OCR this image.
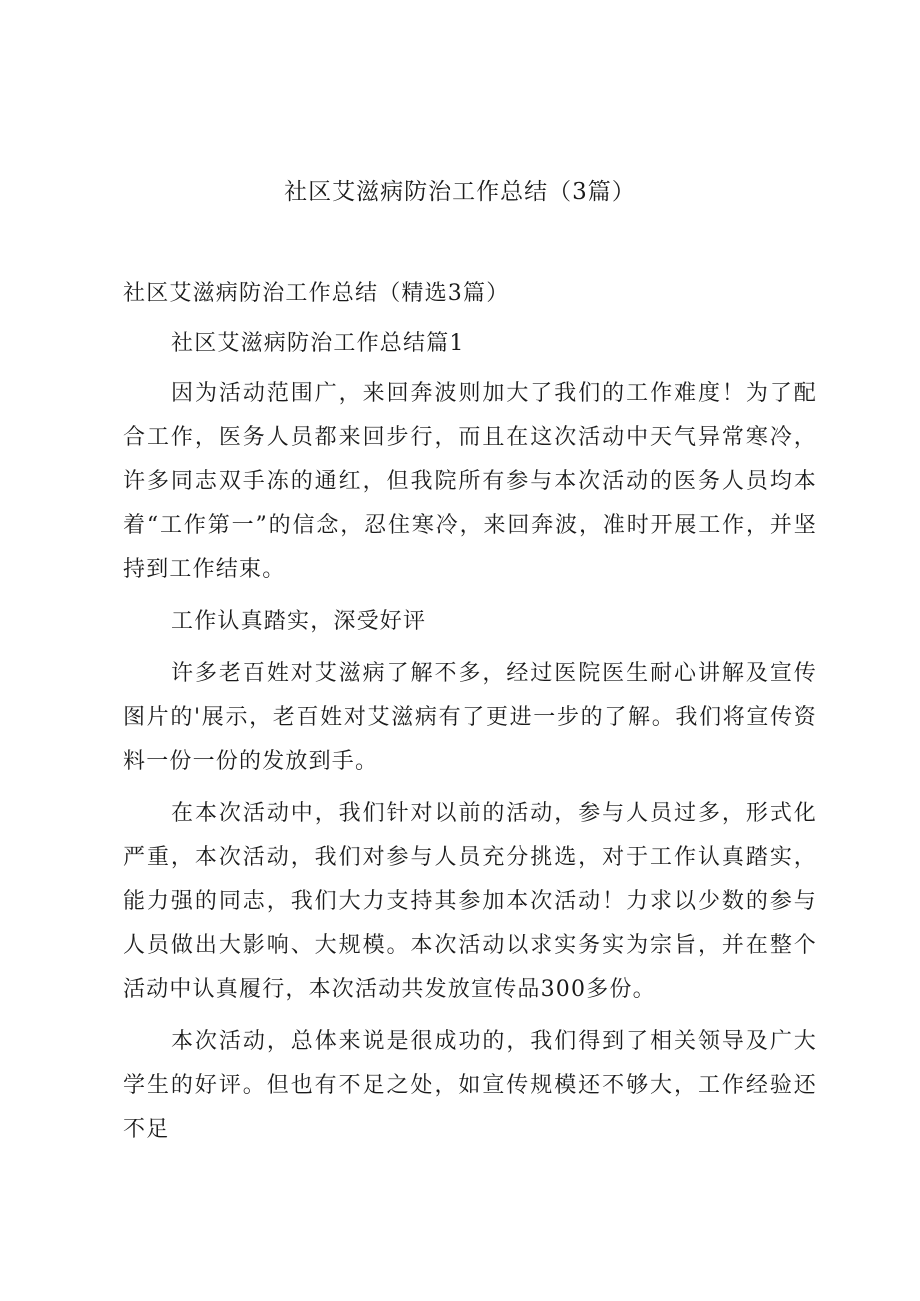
社区艾滋病防治工作总结（3篇）

社区艾滋病防治工作总结（精选3篇）

社区艾滋病防治工作总结篇1

因为活动范围广，来回奔波则加大了我们的工作难度！为了配合工作，医务人员都来回步行，而且在这次活动中天气异常寒冷，许多同志双手冻的通红，但我院所有参与本次活动的医务人员均本着“工作第一”的信念，忍住寒冷，来回奔波，准时开展工作，并坚持到工作结束。

工作认真踏实，深受好评

许多老百姓对艾滋病了解不多，经过医院医生耐心讲解及宣传图片的'展示，老百姓对艾滋病有了更进一步的了解。我们将宣传资料一份一份的发放到手。

在本次活动中，我们针对以前的活动，参与人员过多，形式化严重，本次活动，我们对参与人员充分挑选，对于工作认真踏实，能力强的同志，我们大力支持其参加本次活动！力求以少数的参与人员做出大影响、大规模。本次活动以求实务实为宗旨，并在整个活动中认真履行，本次活动共发放宣传品300多份。

本次活动，总体来说是很成功的，我们得到了相关领导及广大学生的好评。但也有不足之处，如宣传规模还不够大，工作经验还不足
